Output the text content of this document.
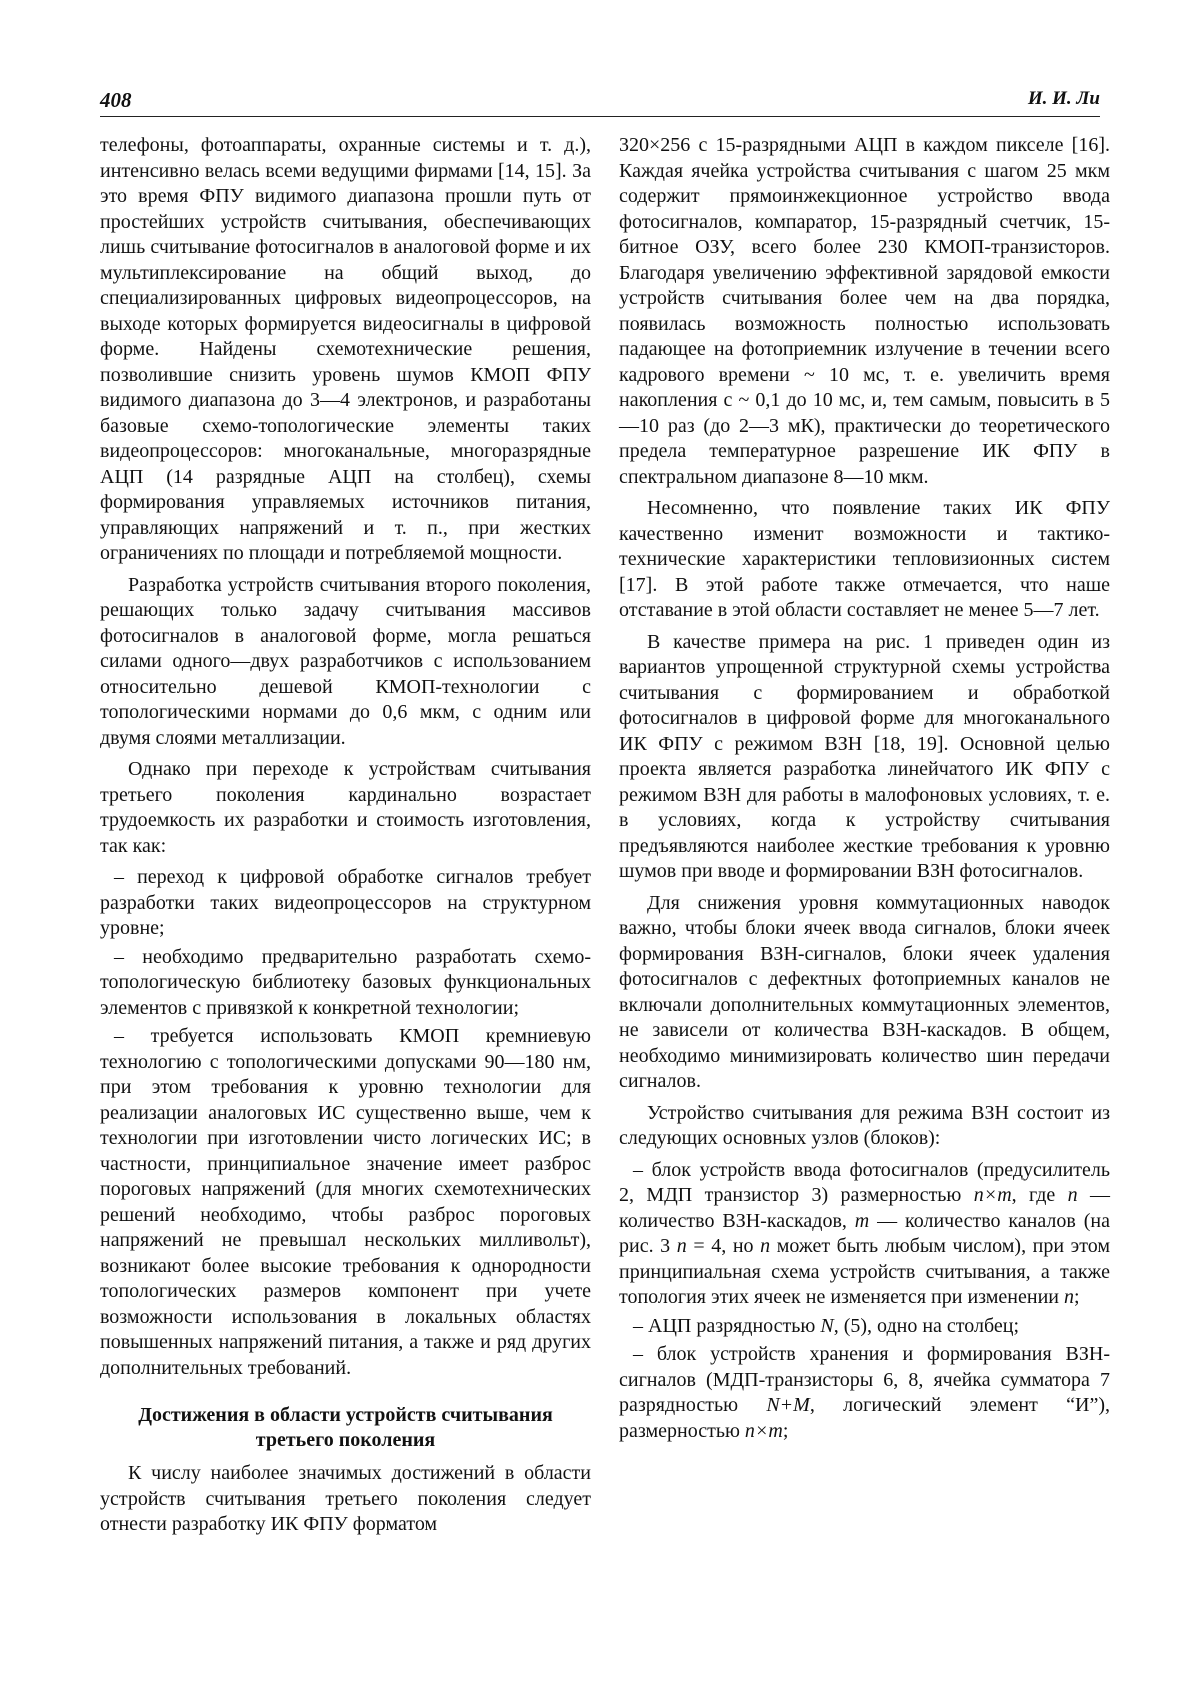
408	И. И. Ли

телефоны, фотоаппараты, охранные системы и т. д.), интенсивно велась всеми ведущими фирмами [14, 15]. За это время ФПУ видимого диапазона прошли путь от простейших устройств считывания, обеспечивающих лишь считывание фотосигналов в аналоговой форме и их мультиплексирование на общий выход, до специализированных цифровых видеопроцессоров, на выходе которых формируется видеосигналы в цифровой форме. Найдены схемотехнические решения, позволившие снизить уровень шумов КМОП ФПУ видимого диапазона до 3—4 электронов, и разработаны базовые схемо-топологические элементы таких видеопроцессоров: многоканальные, многоразрядные АЦП (14 разрядные АЦП на столбец), схемы формирования управляемых источников питания, управляющих напряжений и т. п., при жестких ограничениях по площади и потребляемой мощности.

Разработка устройств считывания второго поколения, решающих только задачу считывания массивов фотосигналов в аналоговой форме, могла решаться силами одного—двух разработчиков с использованием относительно дешевой КМОП-технологии с топологическими нормами до 0,6 мкм, с одним или двумя слоями металлизации.

Однако при переходе к устройствам считывания третьего поколения кардинально возрастает трудоемкость их разработки и стоимость изготовления, так как:

– переход к цифровой обработке сигналов требует разработки таких видеопроцессоров на структурном уровне;

– необходимо предварительно разработать схемо-топологическую библиотеку базовых функциональных элементов с привязкой к конкретной технологии;

– требуется использовать КМОП кремниевую технологию с топологическими допусками 90—180 нм, при этом требования к уровню технологии для реализации аналоговых ИС существенно выше, чем к технологии при изготовлении чисто логических ИС; в частности, принципиальное значение имеет разброс пороговых напряжений (для многих схемотехнических решений необходимо, чтобы разброс пороговых напряжений не превышал нескольких милливольт), возникают более высокие требования к однородности топологических размеров компонент при учете возможности использования в локальных областях повышенных напряжений питания, а также и ряд других дополнительных требований.

Достижения в области устройств считывания третьего поколения

К числу наиболее значимых достижений в области устройств считывания третьего поколения следует отнести разработку ИК ФПУ форматом

320×256 с 15-разрядными АЦП в каждом пикселе [16]. Каждая ячейка устройства считывания с шагом 25 мкм содержит прямоинжекционное устройство ввода фотосигналов, компаратор, 15-разрядный счетчик, 15-битное ОЗУ, всего более 230 КМОП-транзисторов. Благодаря увеличению эффективной зарядовой емкости устройств считывания более чем на два порядка, появилась возможность полностью использовать падающее на фотоприемник излучение в течении всего кадрового времени ~ 10 мс, т. е. увеличить время накопления с ~ 0,1 до 10 мс, и, тем самым, повысить в 5—10 раз (до 2—3 мК), практически до теоретического предела температурное разрешение ИК ФПУ в спектральном диапазоне 8—10 мкм.

Несомненно, что появление таких ИК ФПУ качественно изменит возможности и тактико-технические характеристики тепловизионных систем [17]. В этой работе также отмечается, что наше отставание в этой области составляет не менее 5—7 лет.

В качестве примера на рис. 1 приведен один из вариантов упрощенной структурной схемы устройства считывания с формированием и обработкой фотосигналов в цифровой форме для многоканального ИК ФПУ с режимом ВЗН [18, 19]. Основной целью проекта является разработка линейчатого ИК ФПУ с режимом ВЗН для работы в малофоновых условиях, т. е. в условиях, когда к устройству считывания предъявляются наиболее жесткие требования к уровню шумов при вводе и формировании ВЗН фотосигналов.

Для снижения уровня коммутационных наводок важно, чтобы блоки ячеек ввода сигналов, блоки ячеек формирования ВЗН-сигналов, блоки ячеек удаления фотосигналов с дефектных фотоприемных каналов не включали дополнительных коммутационных элементов, не зависели от количества ВЗН-каскадов. В общем, необходимо минимизировать количество шин передачи сигналов.

Устройство считывания для режима ВЗН состоит из следующих основных узлов (блоков):

– блок устройств ввода фотосигналов (предусилитель 2, МДП транзистор 3) размерностью n×m, где n — количество ВЗН-каскадов, m — количество каналов (на рис. 3 n = 4, но n может быть любым числом), при этом принципиальная схема устройств считывания, а также топология этих ячеек не изменяется при изменении n;

– АЦП разрядностью N, (5), одно на столбец;

– блок устройств хранения и формирования ВЗН-сигналов (МДП-транзисторы 6, 8, ячейка сумматора 7 разрядностью N+M, логический элемент “И”), размерностью n×m;
